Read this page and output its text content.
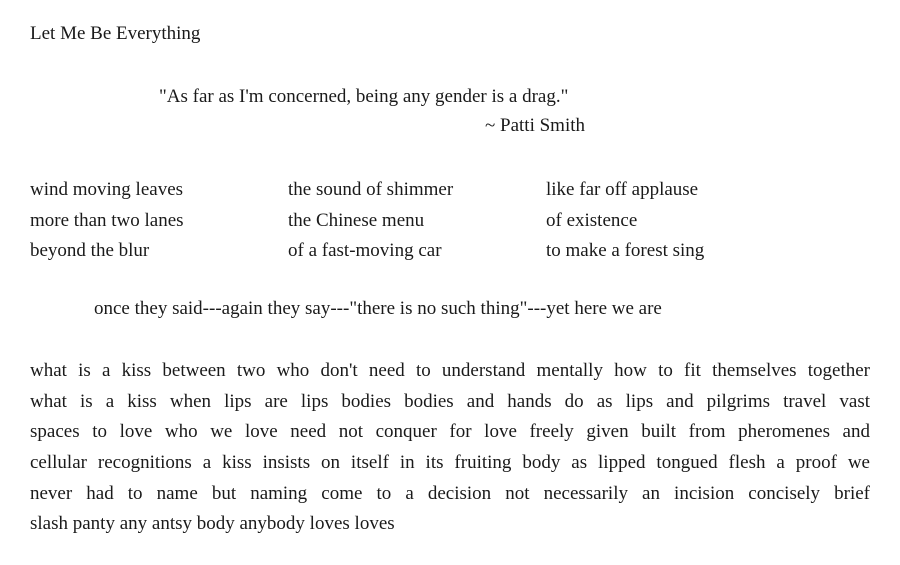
Let Me Be Everything
"As far as I'm concerned, being any gender is a drag."
~ Patti Smith
wind moving leaves
more than two lanes
beyond the blur
the sound of shimmer
the Chinese menu
of a fast-moving car
like far off applause
of existence
to make a forest sing
once they said---again they say---"there is no such thing"---yet here we are
what is a kiss between two who don't need to understand mentally how to fit themselves together
what is a kiss when lips are lips bodies bodies and hands do as lips and pilgrims travel vast
spaces to love who we love need not conquer for love freely given built from pheromenes and
cellular recognitions a kiss insists on itself in its fruiting body as lipped tongued flesh a proof we
never had to name but naming come to a decision not necessarily an incision concisely brief
slash panty any antsy body anybody loves loves
